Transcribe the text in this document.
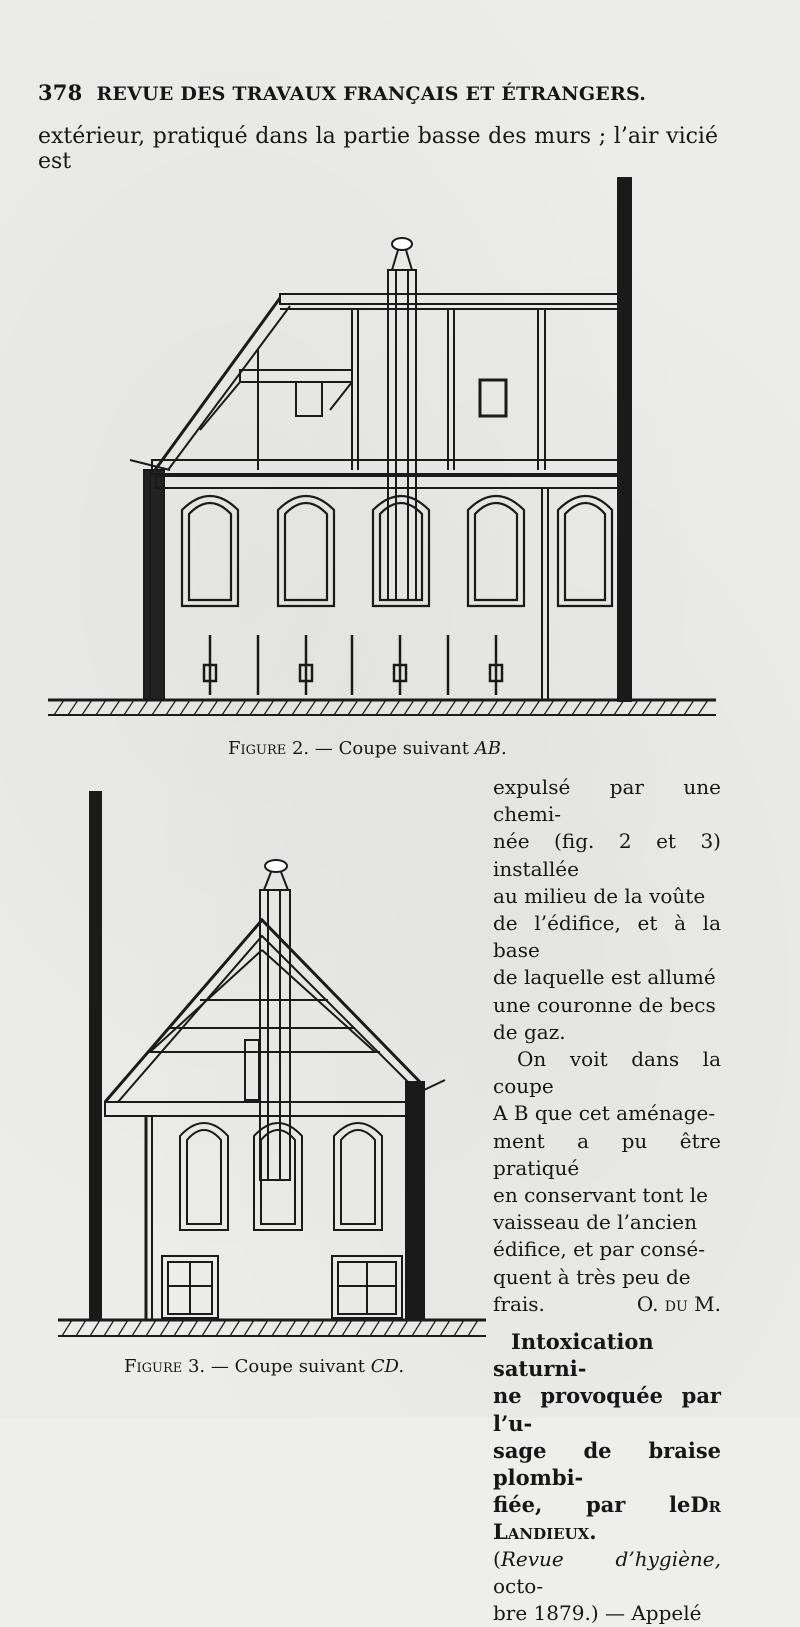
378 REVUE DES TRAVAUX FRANÇAIS ET ÉTRANGERS.
extérieur, pratiqué dans la partie basse des murs ; l’air vicié est
Figure 2. — Coupe suivant AB.
Figure 3. — Coupe suivant CD.

expulsé par une chemi-

née (fig. 2 et 3) installée

au milieu de la voûte

de l’édifice, et à la base

de laquelle est allumé

une couronne de becs

de gaz.

On voit dans la coupe

A B que cet aménage-

ment a pu être pratiqué

en conservant tont le

vaisseau de l’ancien

édifice, et par consé-

quent à très peu de

frais.	O. du M.

Intoxication saturni-

ne provoquée par l’u-

sage de braise plombi-

fiée, par leDr Landieux.

(Revue d’hygiène, octo-

bre 1879.) — Appelé
